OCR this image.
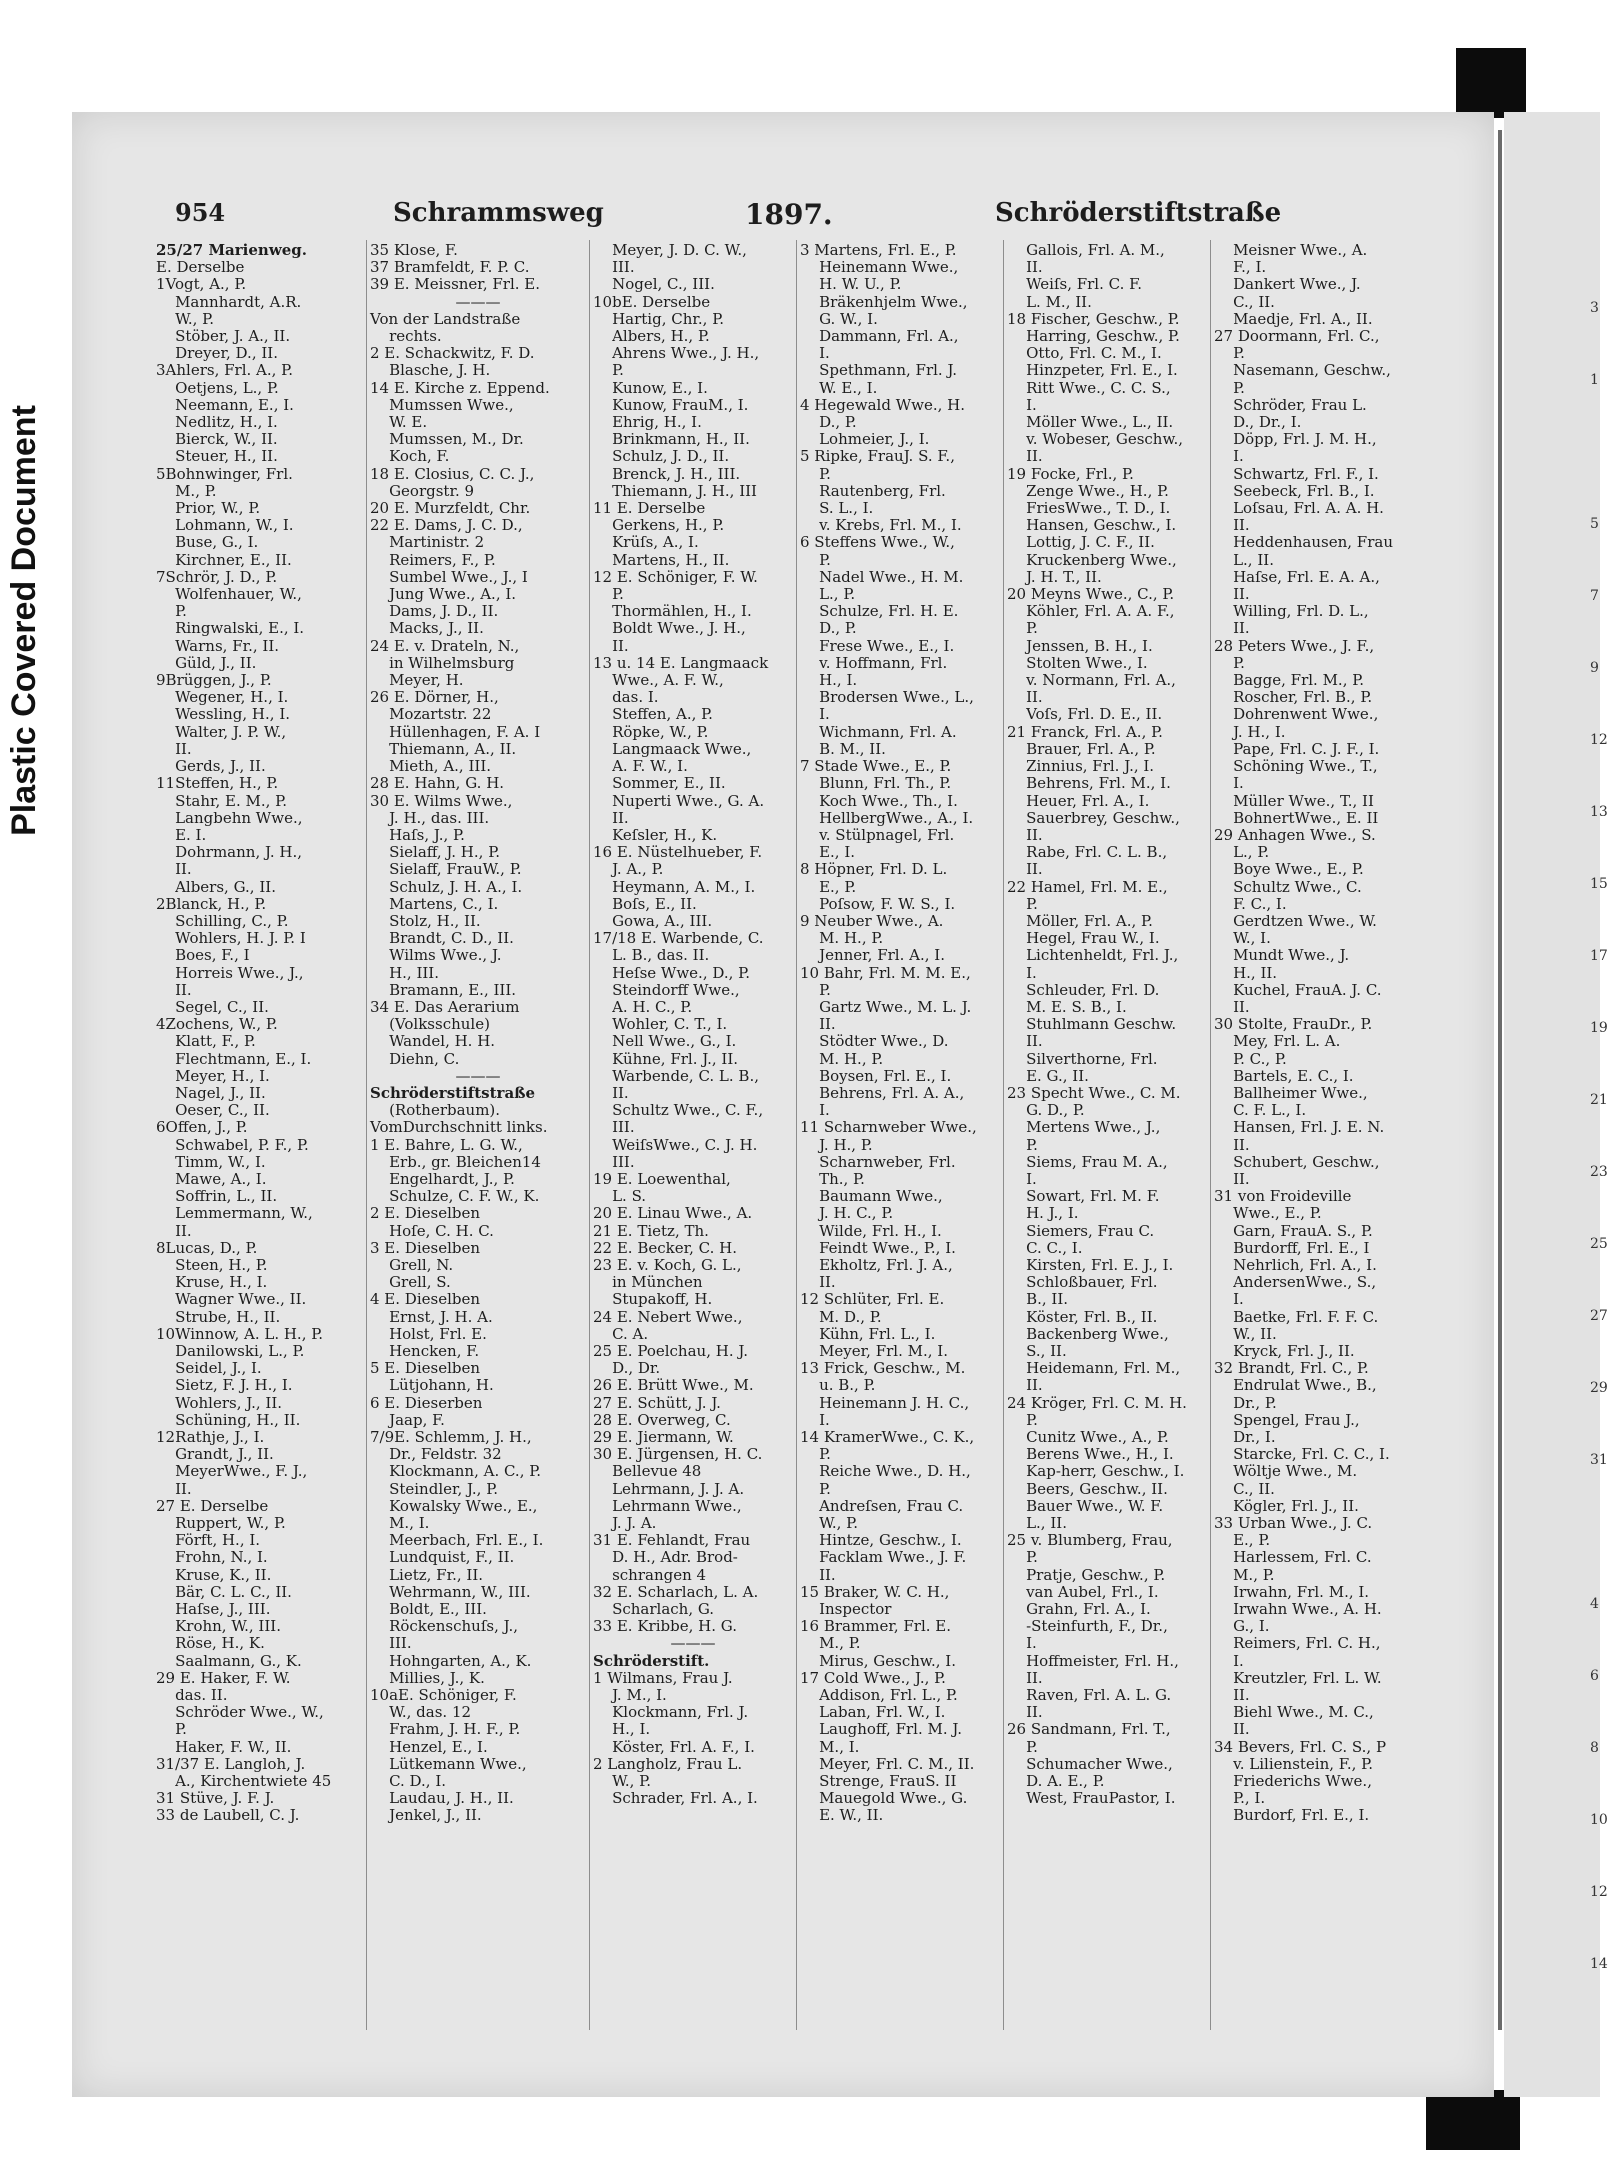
Plastic Covered Document
954	Schrammsweg	1897.	Schröderstiftstraße
25/27 Marienweg.
E. Derselbe
1Vogt, A., P.
Mannhardt, A.R.
W., P.
Stöber, J. A., II.
Dreyer, D., II.
3Ahlers, Frl. A., P.
Oetjens, L., P.
Neemann, E., I.
Nedlitz, H., I.
Bierck, W., II.
Steuer, H., II.
5Bohnwinger, Frl.
M., P.
Prior, W., P.
Lohmann, W., I.
Buse, G., I.
Kirchner, E., II.
7Schrör, J. D., P.
Wolfenhauer, W.,
P.
Ringwalski, E., I.
Warns, Fr., II.
Güld, J., II.
9Brüggen, J., P.
Wegener, H., I.
Wessling, H., I.
Walter, J. P. W.,
II.
Gerds, J., II.
11Steffen, H., P.
Stahr, E. M., P.
Langbehn Wwe.,
E. I.
Dohrmann, J. H.,
II.
Albers, G., II.
2Blanck, H., P.
Schilling, C., P.
Wohlers, H. J. P. I
Boes, F., I
Horreis Wwe., J.,
II.
Segel, C., II.
4Zochens, W., P.
Klatt, F., P.
Flechtmann, E., I.
Meyer, H., I.
Nagel, J., II.
Oeser, C., II.
6Offen, J., P.
Schwabel, P. F., P.
Timm, W., I.
Mawe, A., I.
Soffrin, L., II.
Lemmermann, W.,
II.
8Lucas, D., P.
Steen, H., P.
Kruse, H., I.
Wagner Wwe., II.
Strube, H., II.
10Winnow, A. L. H., P.
Danilowski, L., P.
Seidel, J., I.
Sietz, F. J. H., I.
Wohlers, J., II.
Schüning, H., II.
12Rathje, J., I.
Grandt, J., II.
MeyerWwe., F. J.,
II.
27 E. Derselbe
Ruppert, W., P.
Förft, H., I.
Frohn, N., I.
Kruse, K., II.
Bär, C. L. C., II.
Haſse, J., III.
Krohn, W., III.
Röse, H., K.
Saalmann, G., K.
29 E. Haker, F. W.
das. II.
Schröder Wwe., W.,
P.
Haker, F. W., II.
31/37 E. Langloh, J.
A., Kirchentwiete 45
31 Stüve, J. F. J.
33 de Laubell, C. J.
35 Klose, F.
37 Bramfeldt, F. P. C.
39 E. Meissner, Frl. E.
———
Von der Landstraße
rechts.
2 E. Schackwitz, F. D.
Blasche, J. H.
14 E. Kirche z. Eppend.
Mumssen Wwe.,
W. E.
Mumssen, M., Dr.
Koch, F.
18 E. Closius, C. C. J.,
Georgstr. 9
20 E. Murzfeldt, Chr.
22 E. Dams, J. C. D.,
Martinistr. 2
Reimers, F., P.
Sumbel Wwe., J., I
Jung Wwe., A., I.
Dams, J. D., II.
Macks, J., II.
24 E. v. Drateln, N.,
in Wilhelmsburg
Meyer, H.
26 E. Dörner, H.,
Mozartstr. 22
Hüllenhagen, F. A. I
Thiemann, A., II.
Mieth, A., III.
28 E. Hahn, G. H.
30 E. Wilms Wwe.,
J. H., das. III.
Haſs, J., P.
Sielaff, J. H., P.
Sielaff, FrauW., P.
Schulz, J. H. A., I.
Martens, C., I.
Stolz, H., II.
Brandt, C. D., II.
Wilms Wwe., J.
H., III.
Bramann, E., III.
34 E. Das Aerarium
(Volksschule)
Wandel, H. H.
Diehn, C.
———
Schröderstiftstraße
(Rotherbaum).
VomDurchschnitt links.
1 E. Bahre, L. G. W.,
Erb., gr. Bleichen14
Engelhardt, J., P.
Schulze, C. F. W., K.
2 E. Dieselben
Hoſe, C. H. C.
3 E. Dieselben
Grell, N.
Grell, S.
4 E. Dieselben
Ernst, J. H. A.
Holst, Frl. E.
Hencken, F.
5 E. Dieselben
Lütjohann, H.
6 E. Dieserben
Jaap, F.
7/9E. Schlemm, J. H.,
Dr., Feldstr. 32
Klockmann, A. C., P.
Steindler, J., P.
Kowalsky Wwe., E.,
M., I.
Meerbach, Frl. E., I.
Lundquist, F., II.
Lietz, Fr., II.
Wehrmann, W., III.
Boldt, E., III.
Röckenschuſs, J.,
III.
Hohngarten, A., K.
Millies, J., K.
10aE. Schöniger, F.
W., das. 12
Frahm, J. H. F., P.
Henzel, E., I.
Lütkemann Wwe.,
C. D., I.
Laudau, J. H., II.
Jenkel, J., II.
Meyer, J. D. C. W.,
III.
Nogel, C., III.
10bE. Derselbe
Hartig, Chr., P.
Albers, H., P.
Ahrens Wwe., J. H.,
P.
Kunow, E., I.
Kunow, FrauM., I.
Ehrig, H., I.
Brinkmann, H., II.
Schulz, J. D., II.
Brenck, J. H., III.
Thiemann, J. H., III
11 E. Derselbe
Gerkens, H., P.
Krüſs, A., I.
Martens, H., II.
12 E. Schöniger, F. W.
P.
Thormählen, H., I.
Boldt Wwe., J. H.,
II.
13 u. 14 E. Langmaack
Wwe., A. F. W.,
das. I.
Steffen, A., P.
Röpke, W., P.
Langmaack Wwe.,
A. F. W., I.
Sommer, E., II.
Nuperti Wwe., G. A.
II.
Keſsler, H., K.
16 E. Nüstelhueber, F.
J. A., P.
Heymann, A. M., I.
Boſs, E., II.
Gowa, A., III.
17/18 E. Warbende, C.
L. B., das. II.
Heſse Wwe., D., P.
Steindorff Wwe.,
A. H. C., P.
Wohler, C. T., I.
Nell Wwe., G., I.
Kühne, Frl. J., II.
Warbende, C. L. B.,
II.
Schultz Wwe., C. F.,
III.
WeiſsWwe., C. J. H.
III.
19 E. Loewenthal,
L. S.
20 E. Linau Wwe., A.
21 E. Tietz, Th.
22 E. Becker, C. H.
23 E. v. Koch, G. L.,
in München
Stupakoff, H.
24 E. Nebert Wwe.,
C. A.
25 E. Poelchau, H. J.
D., Dr.
26 E. Brütt Wwe., M.
27 E. Schütt, J. J.
28 E. Overweg, C.
29 E. Jiermann, W.
30 E. Jürgensen, H. C.
Bellevue 48
Lehrmann, J. J. A.
Lehrmann Wwe.,
J. J. A.
31 E. Fehlandt, Frau
D. H., Adr. Brod-
schrangen 4
32 E. Scharlach, L. A.
Scharlach, G.
33 E. Kribbe, H. G.
———
Schröderstift.
1 Wilmans, Frau J.
J. M., I.
Klockmann, Frl. J.
H., I.
Köster, Frl. A. F., I.
2 Langholz, Frau L.
W., P.
Schrader, Frl. A., I.
3 Martens, Frl. E., P.
Heinemann Wwe.,
H. W. U., P.
Bräkenhjelm Wwe.,
G. W., I.
Dammann, Frl. A.,
I.
Spethmann, Frl. J.
W. E., I.
4 Hegewald Wwe., H.
D., P.
Lohmeier, J., I.
5 Ripke, FrauJ. S. F.,
P.
Rautenberg, Frl.
S. L., I.
v. Krebs, Frl. M., I.
6 Steffens Wwe., W.,
P.
Nadel Wwe., H. M.
L., P.
Schulze, Frl. H. E.
D., P.
Frese Wwe., E., I.
v. Hoffmann, Frl.
H., I.
Brodersen Wwe., L.,
I.
Wichmann, Frl. A.
B. M., II.
7 Stade Wwe., E., P.
Blunn, Frl. Th., P.
Koch Wwe., Th., I.
HellbergWwe., A., I.
v. Stülpnagel, Frl.
E., I.
8 Höpner, Frl. D. L.
E., P.
Poſsow, F. W. S., I.
9 Neuber Wwe., A.
M. H., P.
Jenner, Frl. A., I.
10 Bahr, Frl. M. M. E.,
P.
Gartz Wwe., M. L. J.
II.
Stödter Wwe., D.
M. H., P.
Boysen, Frl. E., I.
Behrens, Frl. A. A.,
I.
11 Scharnweber Wwe.,
J. H., P.
Scharnweber, Frl.
Th., P.
Baumann Wwe.,
J. H. C., P.
Wilde, Frl. H., I.
Feindt Wwe., P., I.
Ekholtz, Frl. J. A.,
II.
12 Schlüter, Frl. E.
M. D., P.
Kühn, Frl. L., I.
Meyer, Frl. M., I.
13 Frick, Geschw., M.
u. B., P.
Heinemann J. H. C.,
I.
14 KramerWwe., C. K.,
P.
Reiche Wwe., D. H.,
P.
Andreſsen, Frau C.
W., P.
Hintze, Geschw., I.
Facklam Wwe., J. F.
II.
15 Braker, W. C. H.,
Inspector
16 Brammer, Frl. E.
M., P.
Mirus, Geschw., I.
17 Cold Wwe., J., P.
Addison, Frl. L., P.
Laban, Frl. W., I.
Laughoff, Frl. M. J.
M., I.
Meyer, Frl. C. M., II.
Strenge, FrauS. II
Mauegold Wwe., G.
E. W., II.
Gallois, Frl. A. M.,
II.
Weiſs, Frl. C. F.
L. M., II.
18 Fischer, Geschw., P.
Harring, Geschw., P.
Otto, Frl. C. M., I.
Hinzpeter, Frl. E., I.
Ritt Wwe., C. C. S.,
I.
Möller Wwe., L., II.
v. Wobeser, Geschw.,
II.
19 Focke, Frl., P.
Zenge Wwe., H., P.
FriesWwe., T. D., I.
Hansen, Geschw., I.
Lottig, J. C. F., II.
Kruckenberg Wwe.,
J. H. T., II.
20 Meyns Wwe., C., P.
Köhler, Frl. A. A. F.,
P.
Jenssen, B. H., I.
Stolten Wwe., I.
v. Normann, Frl. A.,
II.
Voſs, Frl. D. E., II.
21 Franck, Frl. A., P.
Brauer, Frl. A., P.
Zinnius, Frl. J., I.
Behrens, Frl. M., I.
Heuer, Frl. A., I.
Sauerbrey, Geschw.,
II.
Rabe, Frl. C. L. B.,
II.
22 Hamel, Frl. M. E.,
P.
Möller, Frl. A., P.
Hegel, Frau W., I.
Lichtenheldt, Frl. J.,
I.
Schleuder, Frl. D.
M. E. S. B., I.
Stuhlmann Geschw.
II.
Silverthorne, Frl.
E. G., II.
23 Specht Wwe., C. M.
G. D., P.
Mertens Wwe., J.,
P.
Siems, Frau M. A.,
I.
Sowart, Frl. M. F.
H. J., I.
Siemers, Frau C.
C. C., I.
Kirsten, Frl. E. J., I.
Schloßbauer, Frl.
B., II.
Köster, Frl. B., II.
Backenberg Wwe.,
S., II.
Heidemann, Frl. M.,
II.
24 Kröger, Frl. C. M. H.
P.
Cunitz Wwe., A., P.
Berens Wwe., H., I.
Kap-herr, Geschw., I.
Beers, Geschw., II.
Bauer Wwe., W. F.
L., II.
25 v. Blumberg, Frau,
P.
Pratje, Geschw., P.
van Aubel, Frl., I.
Grahn, Frl. A., I.
-Steinfurth, F., Dr.,
I.
Hoffmeister, Frl. H.,
II.
Raven, Frl. A. L. G.
II.
26 Sandmann, Frl. T.,
P.
Schumacher Wwe.,
D. A. E., P.
West, FrauPastor, I.
Meisner Wwe., A.
F., I.
Dankert Wwe., J.
C., II.
Maedje, Frl. A., II.
27 Doormann, Frl. C.,
P.
Nasemann, Geschw.,
P.
Schröder, Frau L.
D., Dr., I.
Döpp, Frl. J. M. H.,
I.
Schwartz, Frl. F., I.
Seebeck, Frl. B., I.
Loſsau, Frl. A. A. H.
II.
Heddenhausen, Frau
L., II.
Haſse, Frl. E. A. A.,
II.
Willing, Frl. D. L.,
II.
28 Peters Wwe., J. F.,
P.
Bagge, Frl. M., P.
Roscher, Frl. B., P.
Dohrenwent Wwe.,
J. H., I.
Pape, Frl. C. J. F., I.
Schöning Wwe., T.,
I.
Müller Wwe., T., II
BohnertWwe., E. II
29 Anhagen Wwe., S.
L., P.
Boye Wwe., E., P.
Schultz Wwe., C.
F. C., I.
Gerdtzen Wwe., W.
W., I.
Mundt Wwe., J.
H., II.
Kuchel, FrauA. J. C.
II.
30 Stolte, FrauDr., P.
Mey, Frl. L. A.
P. C., P.
Bartels, E. C., I.
Ballheimer Wwe.,
C. F. L., I.
Hansen, Frl. J. E. N.
II.
Schubert, Geschw.,
II.
31 von Froideville
Wwe., E., P.
Garn, FrauA. S., P.
Burdorff, Frl. E., I
Nehrlich, Frl. A., I.
AndersenWwe., S.,
I.
Baetke, Frl. F. F. C.
W., II.
Kryck, Frl. J., II.
32 Brandt, Frl. C., P.
Endrulat Wwe., B.,
Dr., P.
Spengel, Frau J.,
Dr., I.
Starcke, Frl. C. C., I.
Wöltje Wwe., M.
C., II.
Kögler, Frl. J., II.
33 Urban Wwe., J. C.
E., P.
Harlessem, Frl. C.
M., P.
Irwahn, Frl. M., I.
Irwahn Wwe., A. H.
G., I.
Reimers, Frl. C. H.,
I.
Kreutzler, Frl. L. W.
II.
Biehl Wwe., M. C.,
II.
34 Bevers, Frl. C. S., P
v. Lilienstein, F., P.
Friederichs Wwe.,
P., I.
Burdorf, Frl. E., I.
3
1
5
7
9
12
13
15
17
19
21
23
25
27
29
31
4
6
8
10
12
14
